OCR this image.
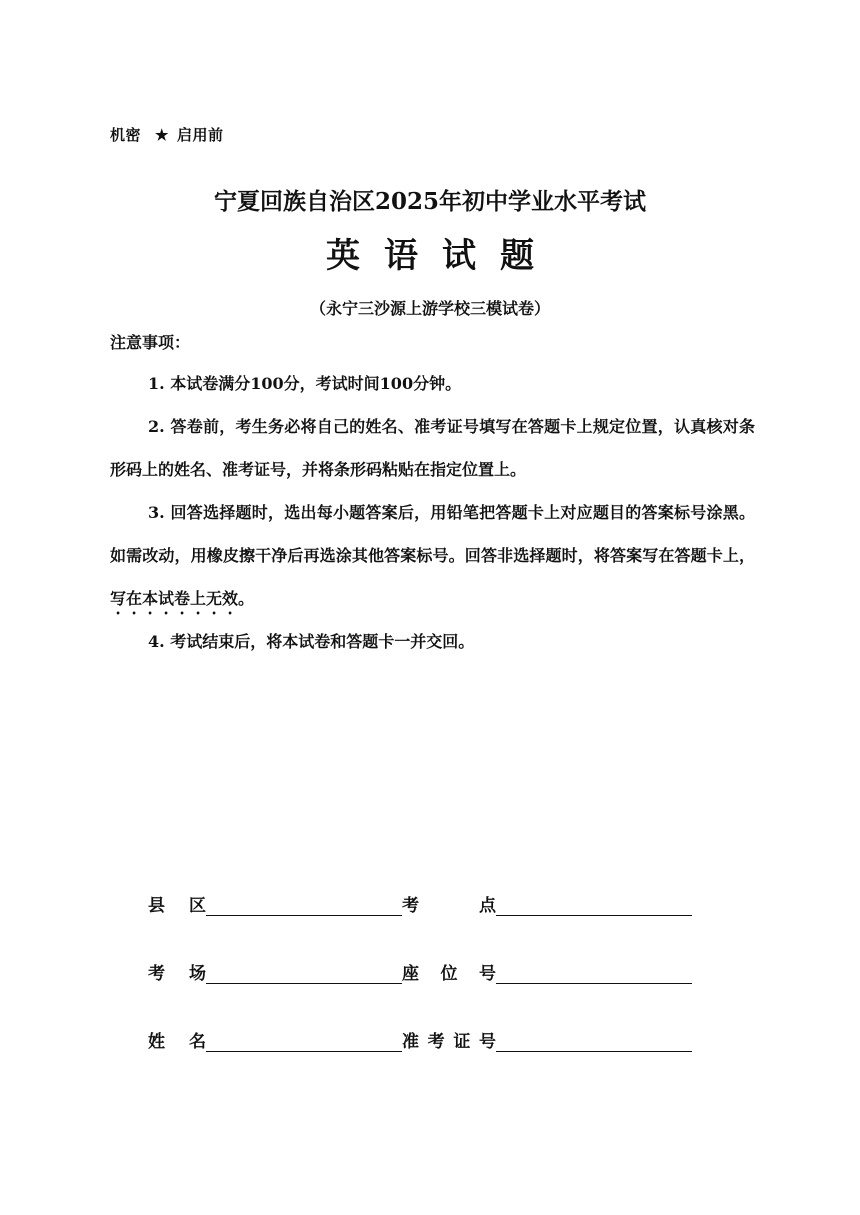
机密 ★ 启用前
宁夏回族自治区2025年初中学业水平考试
英语试题
（永宁三沙源上游学校三模试卷）
注意事项：

1. 本试卷满分100分，考试时间100分钟。

2. 答卷前，考生务必将自己的姓名、准考证号填写在答题卡上规定位置，认真核对条形码上的姓名、准考证号，并将条形码粘贴在指定位置上。

3. 回答选择题时，选出每小题答案后，用铅笔把答题卡上对应题目的答案标号涂黑。如需改动，用橡皮擦干净后再选涂其他答案标号。回答非选择题时，将答案写在答题卡上，写在本试卷上无效。

4. 考试结束后，将本试卷和答题卡一并交回。

县 区	考	点
考 场	座 位 号
姓 名	准 考 证 号
